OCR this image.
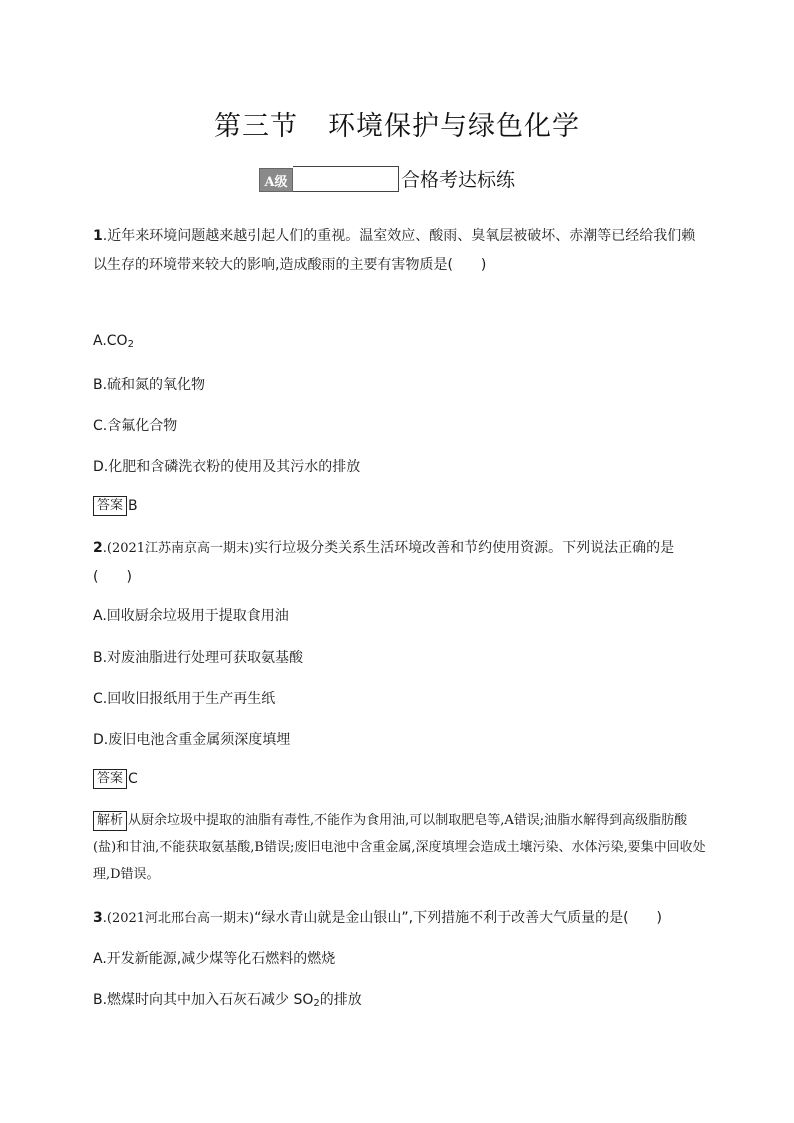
第三节 环境保护与绿色化学
A级	合格考达标练
1.近年来环境问题越来越引起人们的重视。温室效应、酸雨、臭氧层被破坏、赤潮等已经给我们赖以生存的环境带来较大的影响,造成酸雨的主要有害物质是(　　)
$A.CO_2$
B.硫和氮的氧化物
C.含氟化合物
D.化肥和含磷洗衣粉的使用及其污水的排放
答案 B
2.(2021江苏南京高一期末)实行垃圾分类关系生活环境改善和节约使用资源。下列说法正确的是(　　)
A.回收厨余垃圾用于提取食用油
B.对废油脂进行处理可获取氨基酸
C.回收旧报纸用于生产再生纸
D.废旧电池含重金属须深度填埋
答案 C
解析 从厨余垃圾中提取的油脂有毒性,不能作为食用油,可以制取肥皂等,A错误;油脂水解得到高级脂肪酸(盐)和甘油,不能获取氨基酸,B错误;废旧电池中含重金属,深度填埋会造成土壤污染、水体污染,要集中回收处理,D错误。
3.(2021河北邢台高一期末)“绿水青山就是金山银山”,下列措施不利于改善大气质量的是(　　)
A.开发新能源,减少煤等化石燃料的燃烧
B.燃煤时向其中加入石灰石减少 $SO_2$的排放
